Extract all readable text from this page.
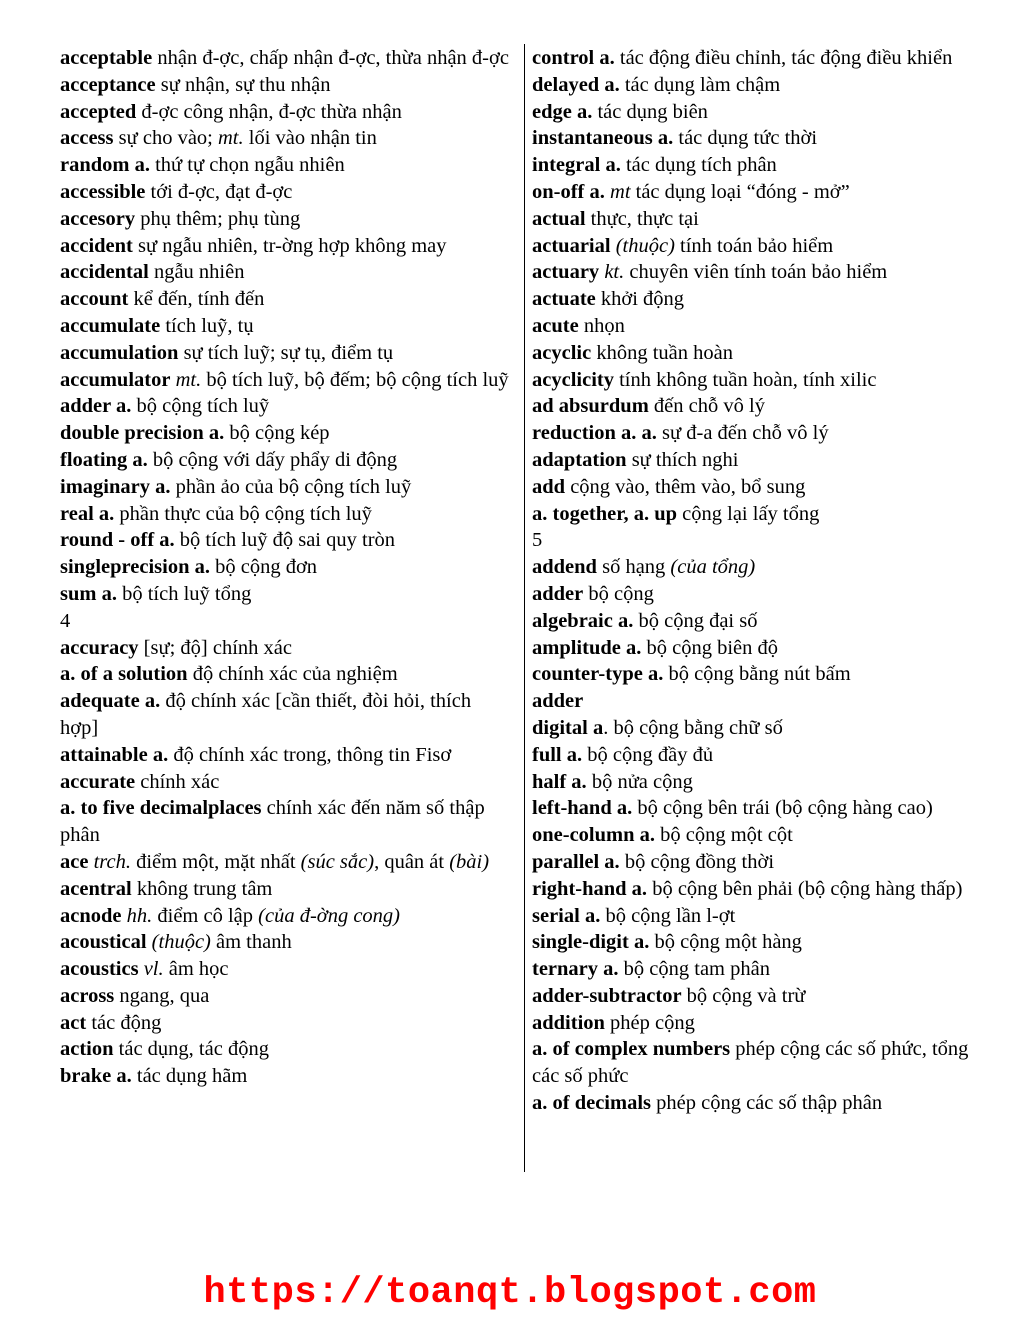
acceptable nhận đ-ợc, chấp nhận đ-ợc, thừa nhận đ-ợc

acceptance sự nhận, sự thu nhận

accepted đ-ợc công nhận, đ-ợc thừa nhận

access sự cho vào; mt. lối vào nhận tin

random a. thứ tự chọn ngẫu nhiên

accessible tới đ-ợc, đạt đ-ợc

accesory phụ thêm; phụ tùng

accident sự ngẫu nhiên, tr-ờng hợp không may

accidental ngẫu nhiên

account kể đến, tính đến

accumulate tích luỹ, tụ

accumulation sự tích luỹ; sự tụ, điểm tụ

accumulator mt. bộ tích luỹ, bộ đếm; bộ cộng tích luỹ

adder a. bộ cộng tích luỹ

double precision a. bộ cộng kép

floating a. bộ cộng với dấy phẩy di động

imaginary a. phần ảo của bộ cộng tích luỹ

real a. phần thực của bộ cộng tích luỹ

round - off a. bộ tích luỹ độ sai quy tròn

singleprecision a. bộ cộng đơn

sum a. bộ tích luỹ tổng

4

accuracy [sự; độ] chính xác

a. of a solution độ chính xác của nghiệm

adequate a. độ chính xác [cần thiết, đòi hỏi, thích hợp]

attainable a. độ chính xác trong, thông tin Fisơ

accurate chính xác

a. to five decimalplaces chính xác đến năm số thập phân

ace trch. điểm một, mặt nhất (súc sắc), quân át (bài)

acentral không trung tâm

acnode hh. điểm cô lập (của đ-ờng cong)

acoustical (thuộc) âm thanh

acoustics vl. âm học

across ngang, qua

act tác động

action tác dụng, tác động

brake a. tác dụng hãm

control a. tác động điều chỉnh, tác động điều khiển

delayed a. tác dụng làm chậm

edge a. tác dụng biên

instantaneous a. tác dụng tức thời

integral a. tác dụng tích phân

on-off a. mt tác dụng loại “đóng - mở”

actual thực, thực tại

actuarial (thuộc) tính toán bảo hiểm

actuary kt. chuyên viên tính toán bảo hiểm

actuate khởi động

acute nhọn

acyclic không tuần hoàn

acyclicity tính không tuần hoàn, tính xilic

ad absurdum đến chỗ vô lý

reduction a. a. sự đ-a đến chỗ vô lý

adaptation sự thích nghi

add cộng vào, thêm vào, bổ sung

a. together, a. up cộng lại lấy tổng

5

addend số hạng (của tổng)

adder bộ cộng

algebraic a. bộ cộng đại số

amplitude a. bộ cộng biên độ

counter-type a. bộ cộng bằng nút bấm

adder

digital a. bộ cộng bằng chữ số

full a. bộ cộng đầy đủ

half a. bộ nửa cộng

left-hand a. bộ cộng bên trái (bộ cộng hàng cao)

one-column a. bộ cộng một cột

parallel a. bộ cộng đồng thời

right-hand a. bộ cộng bên phải (bộ cộng hàng thấp)

serial a. bộ cộng lần l-ợt

single-digit a. bộ cộng một hàng

ternary a. bộ cộng tam phân

adder-subtractor bộ cộng và trừ

addition phép cộng

a. of complex numbers phép cộng các số phức, tổng các số phức

a. of decimals phép cộng các số thập phân

https://toanqt.blogspot.com
